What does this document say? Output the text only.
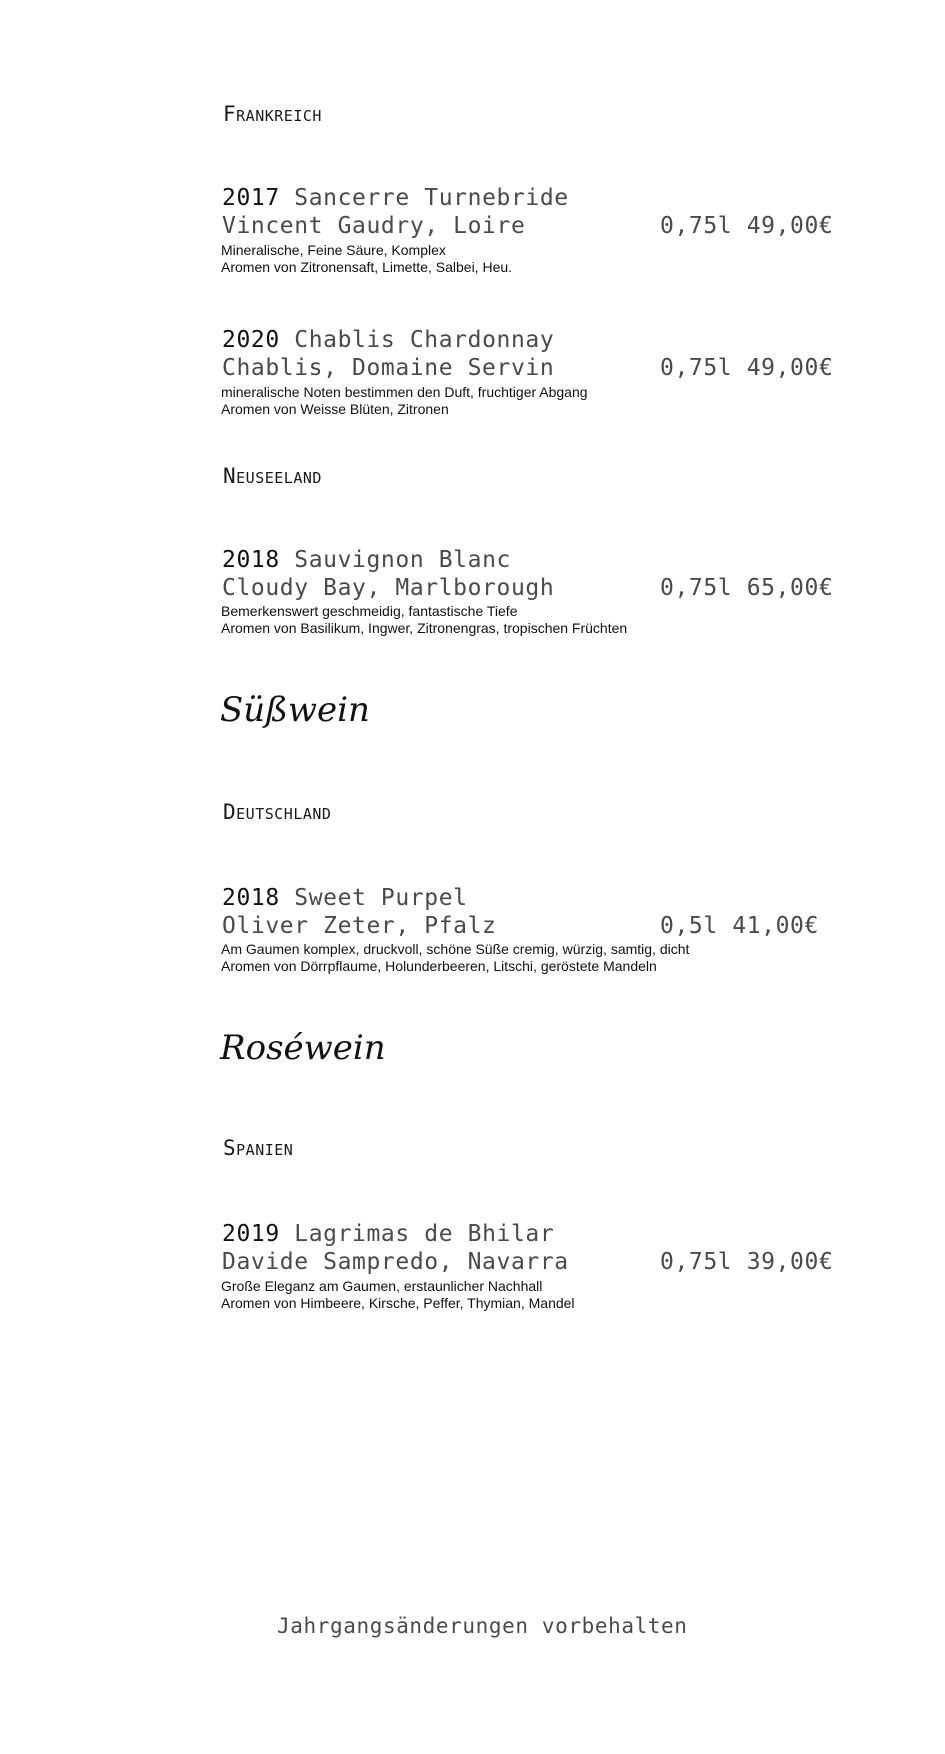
Frankreich
2017 Sancerre Turnebride
Vincent Gaudry, Loire	0,75l 49,00€
Mineralische, Feine Säure, Komplex
Aromen von Zitronensaft, Limette, Salbei, Heu.
2020 Chablis Chardonnay
Chablis, Domaine Servin	0,75l 49,00€
mineralische Noten bestimmen den Duft, fruchtiger Abgang
Aromen von Weisse Blüten, Zitronen
Neuseeland
2018 Sauvignon Blanc
Cloudy Bay, Marlborough	0,75l 65,00€
Bemerkenswert geschmeidig, fantastische Tiefe
Aromen von Basilikum, Ingwer, Zitronengras, tropischen Früchten
Süßwein
Deutschland
2018 Sweet Purpel
Oliver Zeter, Pfalz	0,5l 41,00€
Am Gaumen komplex, druckvoll, schöne Süße cremig, würzig, samtig, dicht
Aromen von Dörrpflaume, Holunderbeeren, Litschi, geröstete Mandeln
Roséwein
Spanien
2019 Lagrimas de Bhilar
Davide Sampredo, Navarra	0,75l 39,00€
Große Eleganz am Gaumen, erstaunlicher Nachhall
Aromen von Himbeere, Kirsche, Peffer, Thymian, Mandel
Jahrgangsänderungen vorbehalten
